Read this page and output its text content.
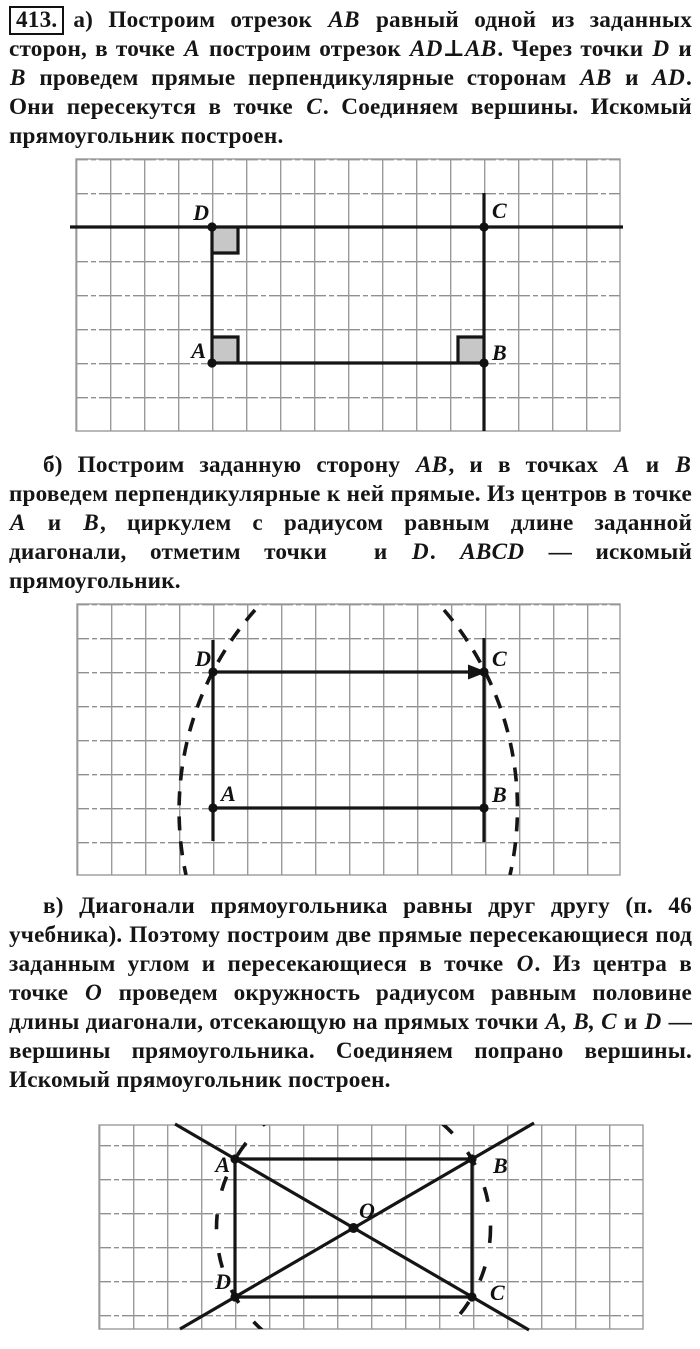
413. а) Построим отрезок AB равный одной из заданных сторон, в точке A построим отрезок AD⊥AB. Через точки D и B проведем прямые перпендикулярные сторонам AB и AD. Они пересекутся в точке C. Соединяем вершины. Искомый прямоугольник построен.
D	C
A	B
б) Построим заданную сторону AB, и в точках A и B проведем перпендикулярные к ней прямые. Из центров в точке A и B, циркулем с радиусом равным длине заданной диагонали, отметим точки  и D. ABCD — искомый прямоугольник.
D	C
A	B
в) Диагонали прямоугольника равны друг другу (п. 46 учебника). Поэтому построим две прямые пересекающиеся под заданным углом и пересекающиеся в точке O. Из центра в точке O проведем окружность радиусом равным половине длины диагонали, отсекающую на прямых точки A, B, C и D — вершины прямоугольника. Соединяем попрано вершины. Искомый прямоугольник построен.
A	B
D	C
O
